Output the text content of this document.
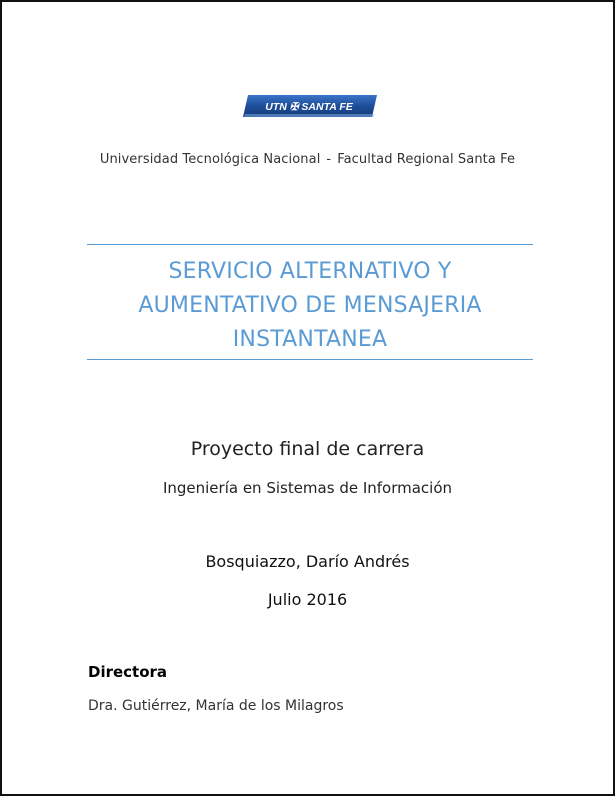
UTN ✠ SANTA FE
Universidad Tecnológica Nacional - Facultad Regional Santa Fe
SERVICIO ALTERNATIVO Y
AUMENTATIVO DE MENSAJERIA
INSTANTANEA
Proyecto final de carrera
Ingeniería en Sistemas de Información
Bosquiazzo, Darío Andrés
Julio 2016
Directora
Dra. Gutiérrez, María de los Milagros
